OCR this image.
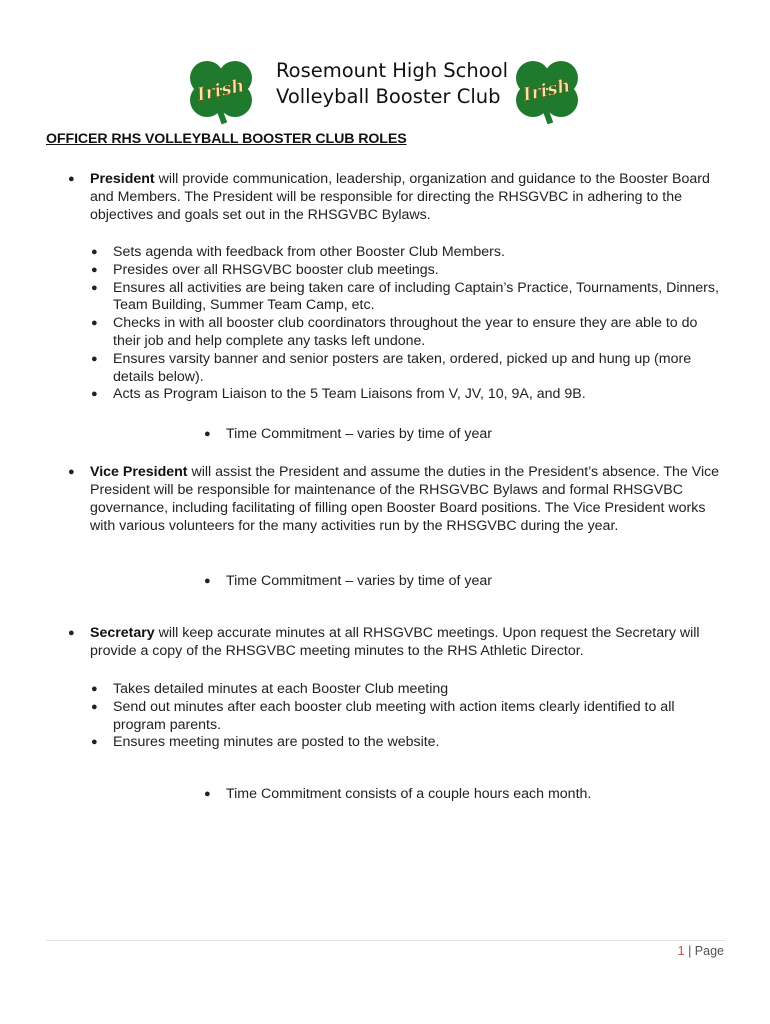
Irish
Rosemount High School
Volleyball Booster Club	Irish
OFFICER RHS VOLLEYBALL BOOSTER CLUB ROLES
● President will provide communication, leadership, organization and guidance to the Booster Board and Members. The President will be responsible for directing the RHSGVBC in adhering to the objectives and goals set out in the RHSGVBC Bylaws.
● Sets agenda with feedback from other Booster Club Members.
● Presides over all RHSGVBC booster club meetings.
● Ensures all activities are being taken care of including Captain’s Practice, Tournaments, Dinners, Team Building, Summer Team Camp, etc.
● Checks in with all booster club coordinators throughout the year to ensure they are able to do their job and help complete any tasks left undone.
● Ensures varsity banner and senior posters are taken, ordered, picked up and hung up (more details below).
● Acts as Program Liaison to the 5 Team Liaisons from V, JV, 10, 9A, and 9B.
● Time Commitment – varies by time of year
● Vice President will assist the President and assume the duties in the President’s absence. The Vice President will be responsible for maintenance of the RHSGVBC Bylaws and formal RHSGVBC governance, including facilitating of filling open Booster Board positions. The Vice President works with various volunteers for the many activities run by the RHSGVBC during the year.
● Time Commitment – varies by time of year
● Secretary will keep accurate minutes at all RHSGVBC meetings. Upon request the Secretary will provide a copy of the RHSGVBC meeting minutes to the RHS Athletic Director.
● Takes detailed minutes at each Booster Club meeting
● Send out minutes after each booster club meeting with action items clearly identified to all program parents.
● Ensures meeting minutes are posted to the website.
● Time Commitment consists of a couple hours each month.
1 | Page
